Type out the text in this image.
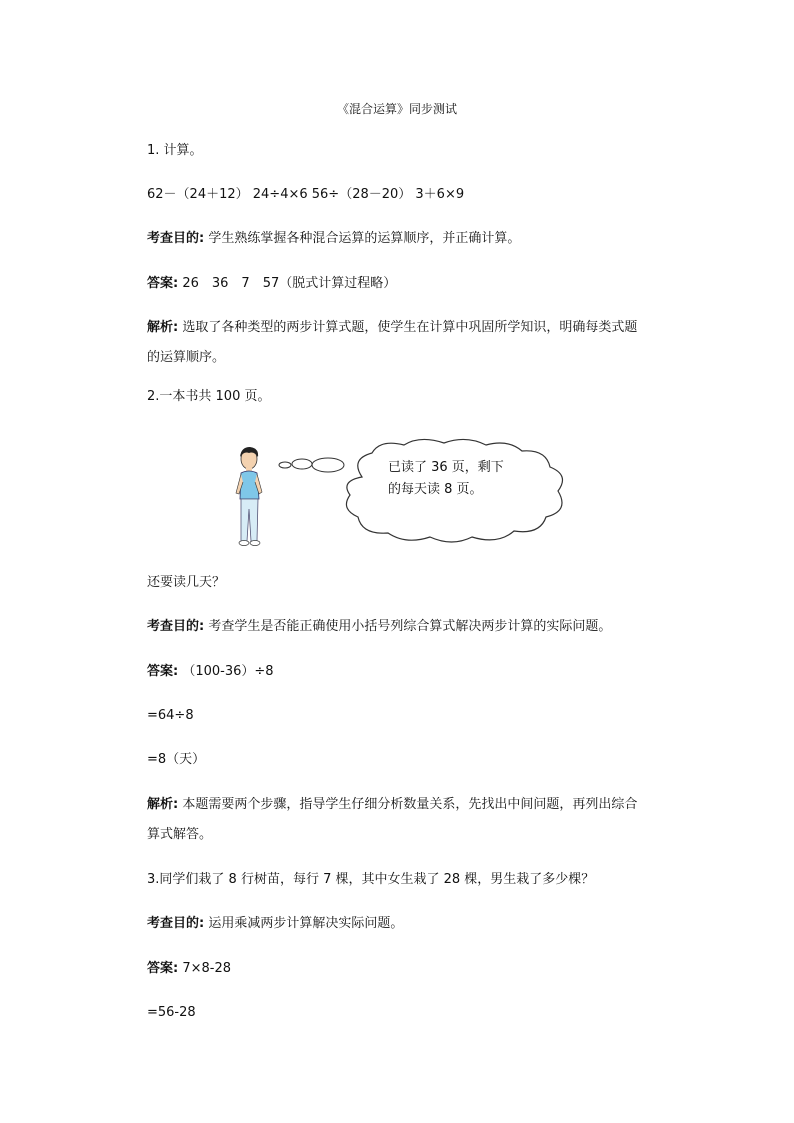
《混合运算》同步测试
1. 计算。
62－（24＋12） 24÷4×6 56÷（28－20） 3＋6×9
考查目的: 学生熟练掌握各种混合运算的运算顺序，并正确计算。
答案: 26　36　7　57（脱式计算过程略）
解析: 选取了各种类型的两步计算式题，使学生在计算中巩固所学知识，明确每类式题
的运算顺序。
2.一本书共 100 页。
已读了 36 页，剩下
的每天读 8 页。
还要读几天？
考查目的: 考查学生是否能正确使用小括号列综合算式解决两步计算的实际问题。
答案: （100-36）÷8
=64÷8
=8（天）
解析: 本题需要两个步骤，指导学生仔细分析数量关系，先找出中间问题，再列出综合
算式解答。
3.同学们栽了 8 行树苗，每行 7 棵，其中女生栽了 28 棵，男生栽了多少棵？
考查目的: 运用乘减两步计算解决实际问题。
答案: 7×8-28
=56-28
